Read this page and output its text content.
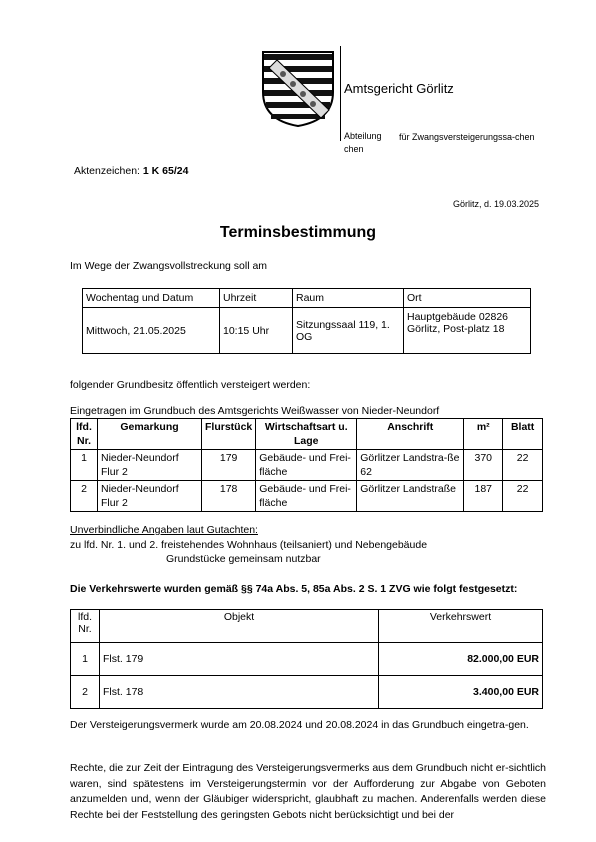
Amtsgericht Görlitz
Abteilung
chen
für Zwangsversteigerungssa-chen
Aktenzeichen: 1 K 65/24
Görlitz, d. 19.03.2025
Terminsbestimmung
Im Wege der Zwangsvollstreckung soll am
Wochentag und Datum	Uhrzeit	Raum	Ort
Mittwoch, 21.05.2025	10:15 Uhr	Sitzungssaal 119, 1. OG	Hauptgebäude 02826 Görlitz, Post-platz 18
folgender Grundbesitz öffentlich versteigert werden:
Eingetragen im Grundbuch des Amtsgerichts Weißwasser von Nieder-Neundorf
lfd. Nr.	Gemarkung	Flurstück	Wirtschaftsart u. Lage	Anschrift	m²	Blatt
1	Nieder-Neundorf Flur 2	179	Gebäude- und Frei-fläche	Görlitzer Landstra-ße 62	370	22
2	Nieder-Neundorf Flur 2	178	Gebäude- und Frei-fläche	Görlitzer Landstraße	187	22
Unverbindliche Angaben laut Gutachten:
zu lfd. Nr. 1. und 2. freistehendes Wohnhaus (teilsaniert) und Nebengebäude
Grundstücke gemeinsam nutzbar
Die Verkehrswerte wurden gemäß §§ 74a Abs. 5, 85a Abs. 2 S. 1 ZVG wie folgt festgesetzt:
lfd. Nr.	Objekt	Verkehrswert
1	Flst. 179	82.000,00 EUR
2	Flst. 178	3.400,00 EUR
Der Versteigerungsvermerk wurde am 20.08.2024 und 20.08.2024 in das Grundbuch eingetra-gen.
Rechte, die zur Zeit der Eintragung des Versteigerungsvermerks aus dem Grundbuch nicht er-sichtlich waren, sind spätestens im Versteigerungstermin vor der Aufforderung zur Abgabe von Geboten anzumelden und, wenn der Gläubiger widerspricht, glaubhaft zu machen. Anderenfalls werden diese Rechte bei der Feststellung des geringsten Gebots nicht berücksichtigt und bei der
